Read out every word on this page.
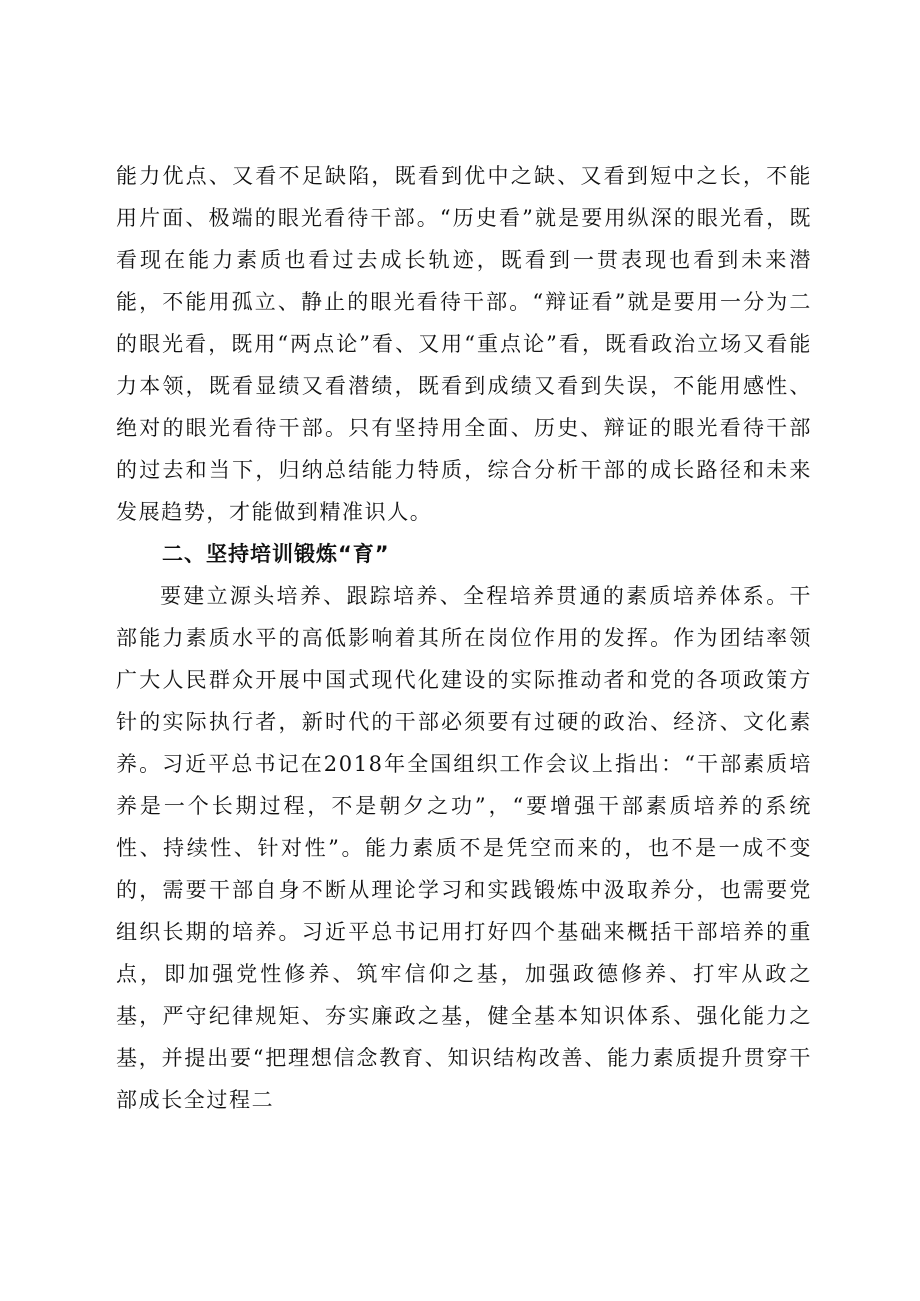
能力优点、又看不足缺陷，既看到优中之缺、又看到短中之长，不能用片面、极端的眼光看待干部。“历史看”就是要用纵深的眼光看，既看现在能力素质也看过去成长轨迹，既看到一贯表现也看到未来潜能，不能用孤立、静止的眼光看待干部。“辩证看”就是要用一分为二的眼光看，既用“两点论”看、又用“重点论”看，既看政治立场又看能力本领，既看显绩又看潜绩，既看到成绩又看到失误，不能用感性、绝对的眼光看待干部。只有坚持用全面、历史、辩证的眼光看待干部的过去和当下，归纳总结能力特质，综合分析干部的成长路径和未来发展趋势，才能做到精准识人。

二、坚持培训锻炼“育”

要建立源头培养、跟踪培养、全程培养贯通的素质培养体系。干部能力素质水平的高低影响着其所在岗位作用的发挥。作为团结率领广大人民群众开展中国式现代化建设的实际推动者和党的各项政策方针的实际执行者，新时代的干部必须要有过硬的政治、经济、文化素养。习近平总书记在2018年全国组织工作会议上指出：“干部素质培养是一个长期过程，不是朝夕之功”，“要增强干部素质培养的系统性、持续性、针对性”。能力素质不是凭空而来的，也不是一成不变的，需要干部自身不断从理论学习和实践锻炼中汲取养分，也需要党组织长期的培养。习近平总书记用打好四个基础来概括干部培养的重点，即加强党性修养、筑牢信仰之基，加强政德修养、打牢从政之基，严守纪律规矩、夯实廉政之基，健全基本知识体系、强化能力之基，并提出要“把理想信念教育、知识结构改善、能力素质提升贯穿干部成长全过程二
